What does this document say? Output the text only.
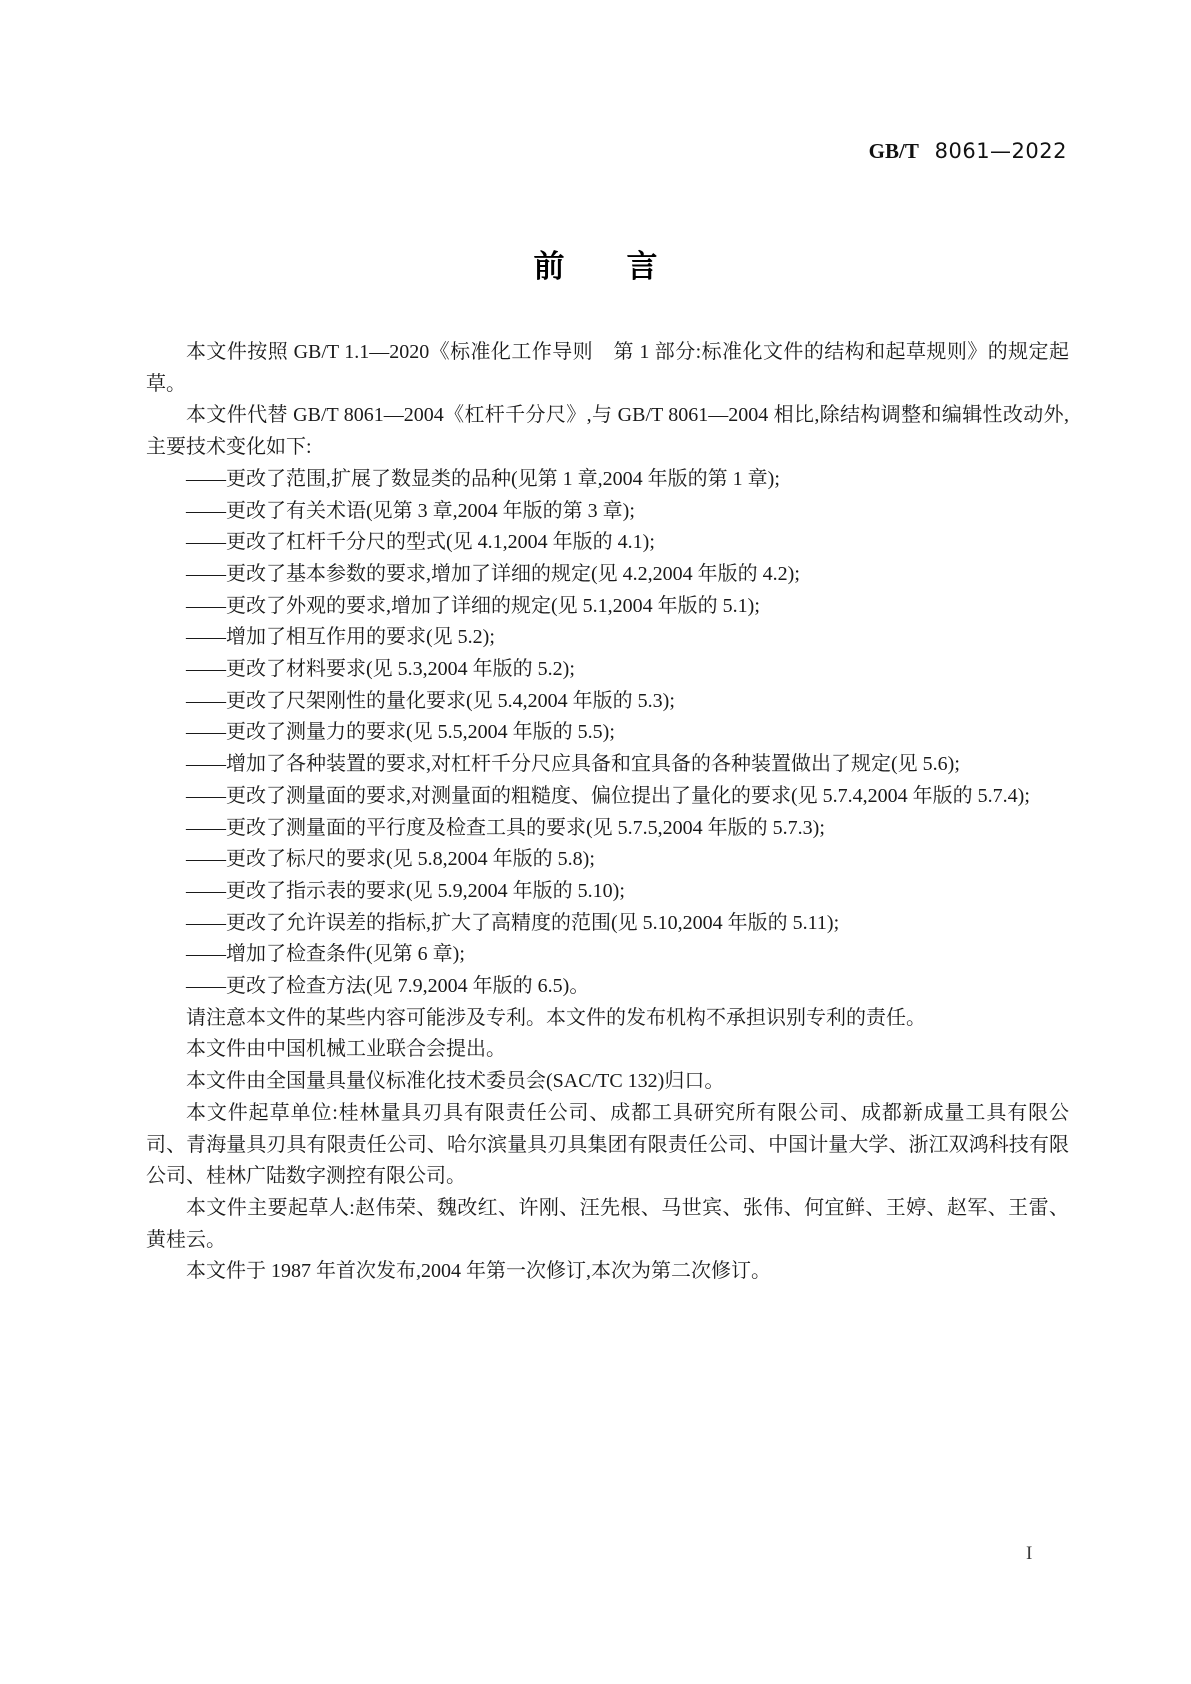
GB/T 8061—2022
前　　言

本文件按照 GB/T 1.1—2020《标准化工作导则　第 1 部分:标准化文件的结构和起草规则》的规定起草。

本文件代替 GB/T 8061—2004《杠杆千分尺》,与 GB/T 8061—2004 相比,除结构调整和编辑性改动外,主要技术变化如下:

——更改了范围,扩展了数显类的品种(见第 1 章,2004 年版的第 1 章);

——更改了有关术语(见第 3 章,2004 年版的第 3 章);

——更改了杠杆千分尺的型式(见 4.1,2004 年版的 4.1);

——更改了基本参数的要求,增加了详细的规定(见 4.2,2004 年版的 4.2);

——更改了外观的要求,增加了详细的规定(见 5.1,2004 年版的 5.1);

——增加了相互作用的要求(见 5.2);

——更改了材料要求(见 5.3,2004 年版的 5.2);

——更改了尺架刚性的量化要求(见 5.4,2004 年版的 5.3);

——更改了测量力的要求(见 5.5,2004 年版的 5.5);

——增加了各种装置的要求,对杠杆千分尺应具备和宜具备的各种装置做出了规定(见 5.6);

——更改了测量面的要求,对测量面的粗糙度、偏位提出了量化的要求(见 5.7.4,2004 年版的 5.7.4);

——更改了测量面的平行度及检查工具的要求(见 5.7.5,2004 年版的 5.7.3);

——更改了标尺的要求(见 5.8,2004 年版的 5.8);

——更改了指示表的要求(见 5.9,2004 年版的 5.10);

——更改了允许误差的指标,扩大了高精度的范围(见 5.10,2004 年版的 5.11);

——增加了检查条件(见第 6 章);

——更改了检查方法(见 7.9,2004 年版的 6.5)。

请注意本文件的某些内容可能涉及专利。本文件的发布机构不承担识别专利的责任。

本文件由中国机械工业联合会提出。

本文件由全国量具量仪标准化技术委员会(SAC/TC 132)归口。

本文件起草单位:桂林量具刃具有限责任公司、成都工具研究所有限公司、成都新成量工具有限公司、青海量具刃具有限责任公司、哈尔滨量具刃具集团有限责任公司、中国计量大学、浙江双鸿科技有限公司、桂林广陆数字测控有限公司。

本文件主要起草人:赵伟荣、魏改红、许刚、汪先根、马世宾、张伟、何宜鲜、王婷、赵军、王雷、黄桂云。

本文件于 1987 年首次发布,2004 年第一次修订,本次为第二次修订。

I
